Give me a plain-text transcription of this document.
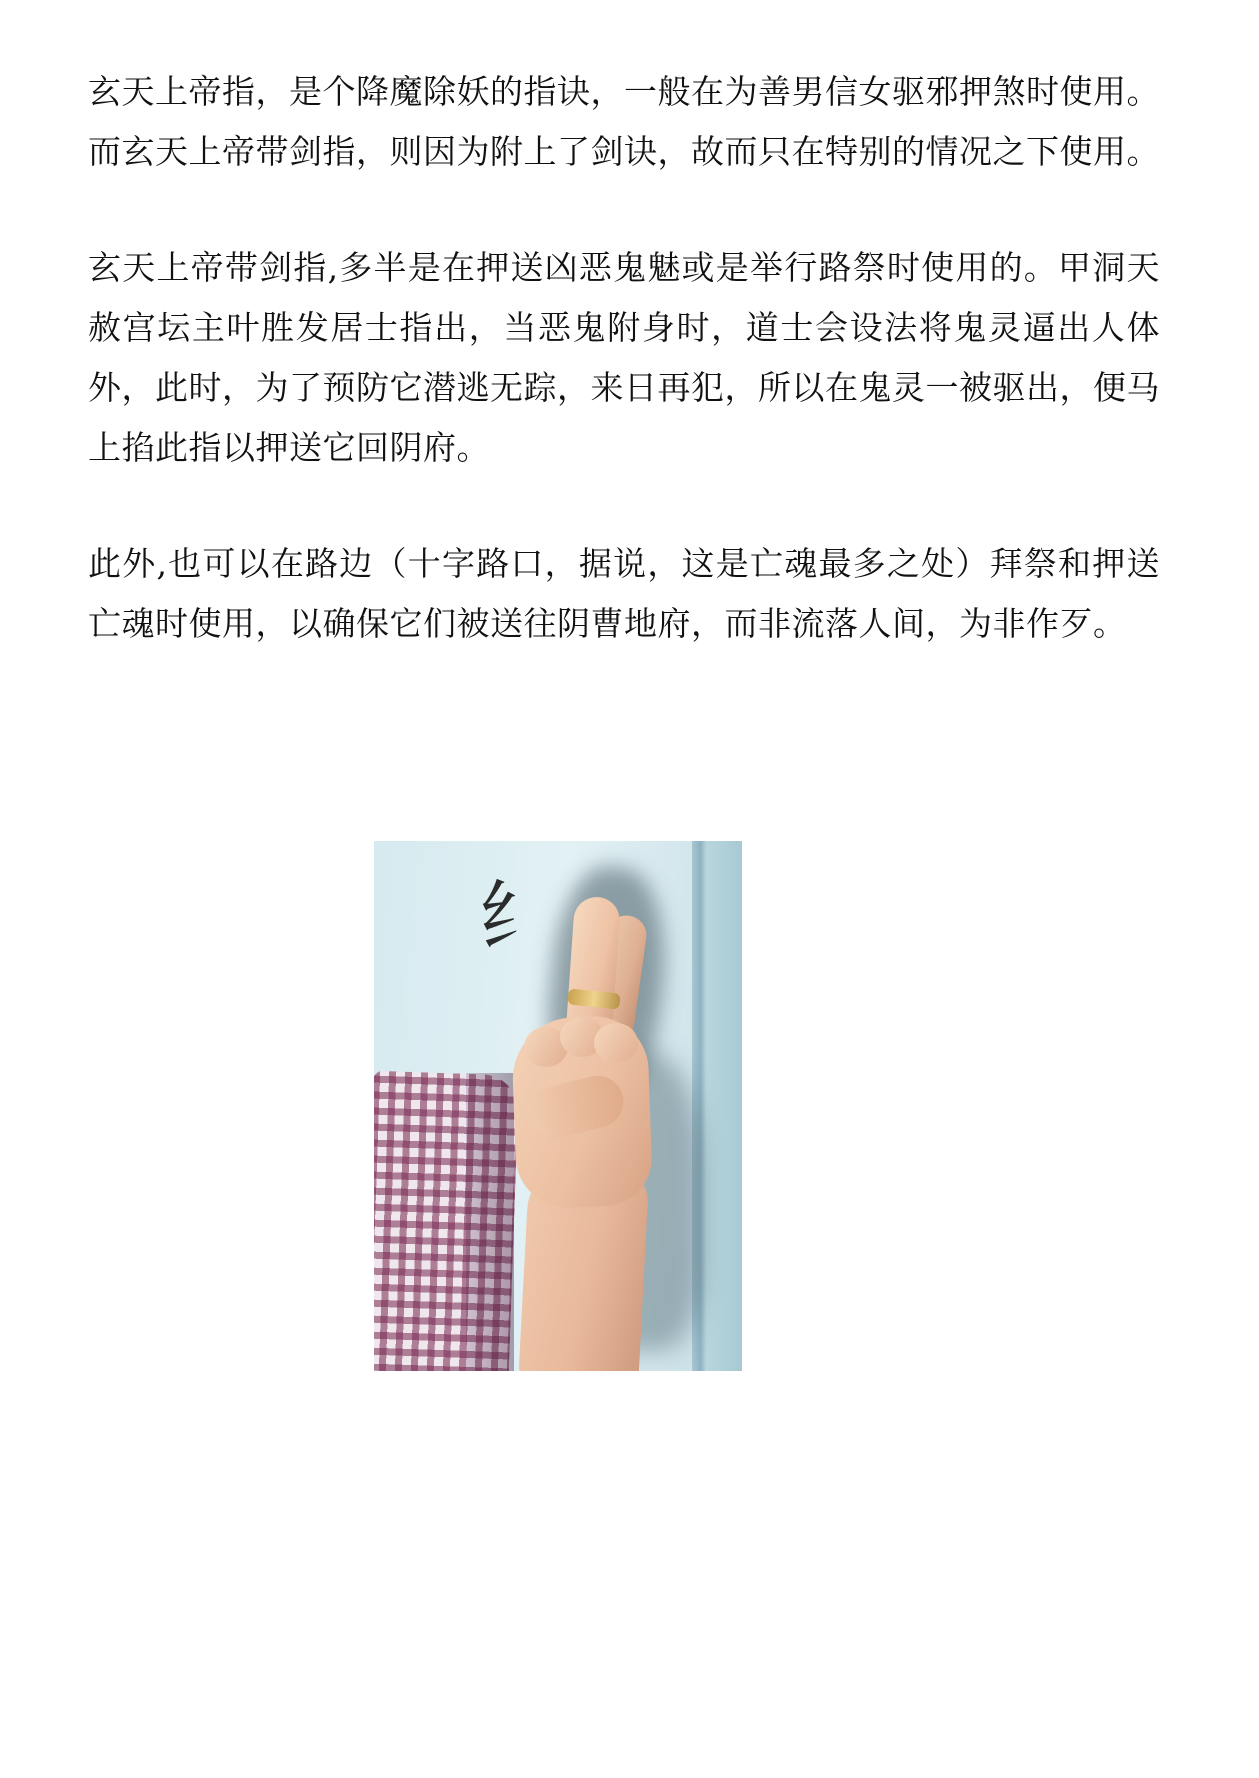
玄天上帝指，是个降魔除妖的指诀，一般在为善男信女驱邪押煞时使用。而玄天上帝带剑指，则因为附上了剑诀，故而只在特别的情况之下使用。

玄天上帝带剑指,多半是在押送凶恶鬼魅或是举行路祭时使用的。甲洞天赦宫坛主叶胜发居士指出，当恶鬼附身时，道士会设法将鬼灵逼出人体外，此时，为了预防它潜逃无踪，来日再犯，所以在鬼灵一被驱出，便马上掐此指以押送它回阴府。

此外,也可以在路边（十字路口，据说，这是亡魂最多之处）拜祭和押送亡魂时使用，以确保它们被送往阴曹地府，而非流落人间，为非作歹。

纟
